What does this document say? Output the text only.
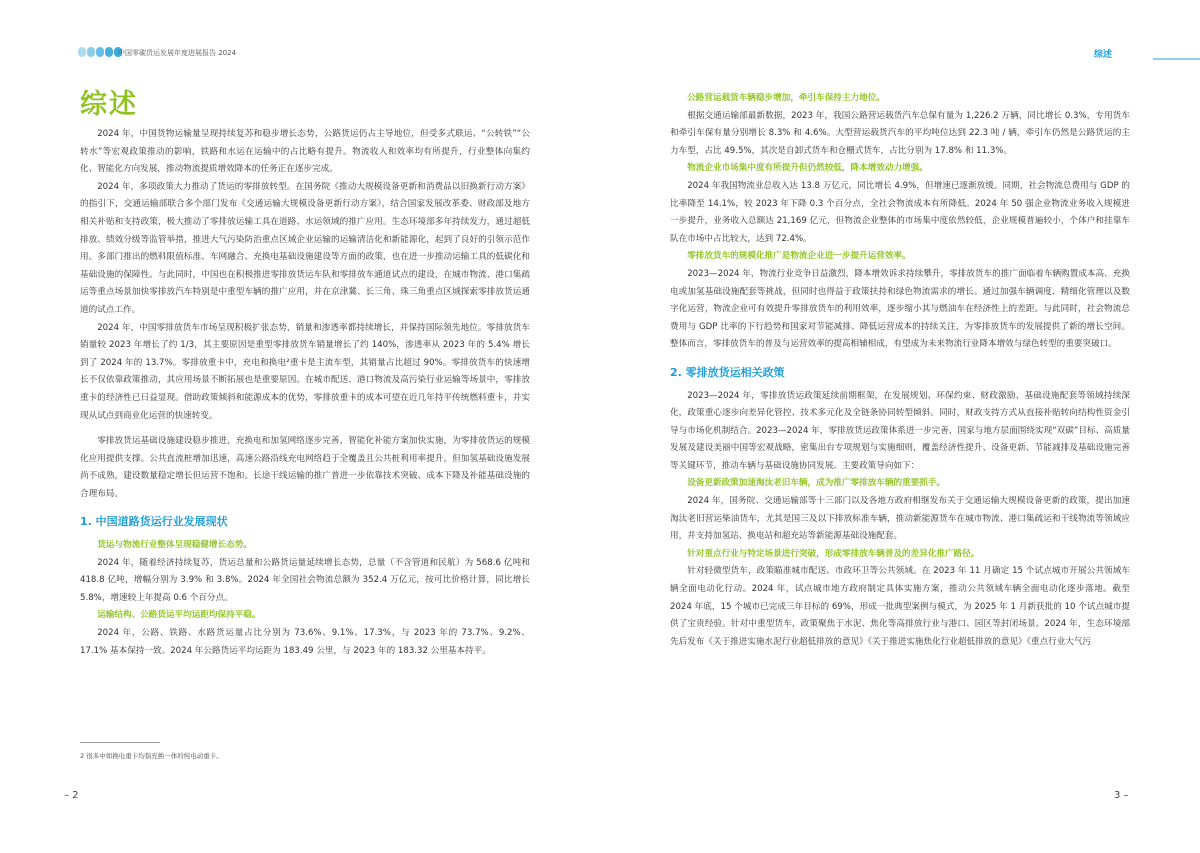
中国零碳货运发展年度进展报告 2024
综述

2024 年，中国货物运输量呈现持续复苏和稳步增长态势，公路货运仍占主导地位，但受多式联运、“公转铁”“公转水”等宏观政策推动的影响，铁路和水运在运输中的占比略有提升。物流收入和效率均有所提升，行业整体向集约化、智能化方向发展，推动物流提质增效降本的任务正在逐步完成。

2024 年，多项政策大力推动了货运的零排放转型。在国务院《推动大规模设备更新和消费品以旧换新行动方案》的指引下，交通运输部联合多个部门发布《交通运输大规模设备更新行动方案》，结合国家发展改革委、财政部及地方相关补贴和支持政策，极大推动了零排放运输工具在道路、水运领域的推广应用。生态环境部多年持续发力，通过超低排放、绩效分级等监管举措，推进大气污染防治重点区域企业运输的运输清洁化和新能源化，起到了良好的引领示范作用。多部门推出的燃料限值标准、车网融合、充换电基础设施建设等方面的政策，也在进一步推动运输工具的低碳化和基础设施的保障性。与此同时，中国也在积极推进零排放货运车队和零排放车通道试点的建设，在城市物流、港口集疏运等重点场景加快零排放汽车特别是中重型车辆的推广应用，并在京津冀、长三角、珠三角重点区域探索零排放货运通道的试点工作。

2024 年，中国零排放货车市场呈现积极扩张态势，销量和渗透率都持续增长，并保持国际领先地位。零排放货车销量较 2023 年增长了约 1/3，其主要原因是重型零排放货车销量增长了约 140%，渗透率从 2023 年的 5.4% 增长到了 2024 年的 13.7%。零排放重卡中，充电和换电²重卡是主流车型，其销量占比超过 90%。零排放货车的快速增长不仅依靠政策推动，其应用场景不断拓展也是重要原因。在城市配送、港口物流及高污染行业运输等场景中，零排放重卡的经济性已日益显现。借助政策倾斜和能源成本的优势，零排放重卡的成本可望在近几年持平传统燃料重卡，并实现从试点到商业化运营的快速转变。

零排放货运基础设施建设稳步推进，充换电和加氢网络逐步完善，智能化补能方案加快实施，为零排放货运的规模化应用提供支撑。公共直流桩增加迅速，高速公路沿线充电网络趋于全覆盖且公共桩利用率提升。但加氢基础设施发展尚不成熟，建设数量稳定增长但运营不饱和。长途干线运输的推广普进一步依靠技术突破、成本下降及补能基础设施的合理布局。

1. 中国道路货运行业发展现状

货运与物流行业整体呈现稳健增长态势。

2024 年，随着经济持续复苏，货运总量和公路货运量延续增长态势，总量（不含管道和民航）为 568.6 亿吨和 418.8 亿吨，增幅分别为 3.9% 和 3.8%。2024 年全国社会物流总额为 352.4 万亿元，按可比价格计算，同比增长 5.8%，增速较上年提高 0.6 个百分点。

运输结构、公路货运平均运距均保持平稳。

2024 年，公路、铁路、水路货运量占比分别为 73.6%、9.1%、17.3%，与 2023 年的 73.7%、9.2%、17.1% 基本保持一致。2024 年公路货运平均运距为 183.49 公里，与 2023 年的 183.32 公里基本持平。

2 很多中如换电重卡均指充换一体的纯电动重卡。
– 2
综述

公路营运载货车辆稳步增加，牵引车保持主力地位。

根据交通运输部最新数据，2023 年，我国公路营运载货汽车总保有量为 1,226.2 万辆，同比增长 0.3%，专用货车和牵引车保有量分别增长 8.3% 和 4.6%。大型营运载货汽车的平均吨位达到 22.3 吨 / 辆，牵引车仍然是公路货运的主力车型，占比 49.5%，其次是自卸式货车和仓栅式货车，占比分别为 17.8% 和 11.3%。

物流企业市场集中度有所提升但仍然较低，降本增效动力增强。

2024 年我国物流业总收入达 13.8 万亿元，同比增长 4.9%，但增速已逐渐放缓。同期，社会物流总费用与 GDP 的比率降至 14.1%，较 2023 年下降 0.3 个百分点，全社会物流成本有所降低。2024 年 50 强企业物流业务收入规模进一步提升，业务收入总额达 21,169 亿元，但物流企业整体的市场集中度依然较低，企业规模普遍较小，个体户和挂靠车队在市场中占比较大，达到 72.4%。

零排放货车的规模化推广是物流企业进一步提升运营效率。

2023—2024 年，物流行业竞争日益激烈，降本增效诉求持续攀升，零排放货车的推广面临着车辆购置成本高、充换电或加氢基础设施配套等挑战，但同时也得益于政策扶持和绿色物流需求的增长。通过加强车辆调度、精细化管理以及数字化运营，物流企业可有效提升零排放货车的利用效率，逐步缩小其与燃油车在经济性上的差距。与此同时，社会物流总费用与 GDP 比率的下行趋势和国家对节能减排、降低运营成本的持续关注，为零排放货车的发展提供了新的增长空间。整体而言，零排放货车的普及与运营效率的提高相辅相成，有望成为未来物流行业降本增效与绿色转型的重要突破口。

2. 零排放货运相关政策

2023—2024 年，零排放货运政策延续前期框架，在发展规划、环保约束、财政激励、基础设施配套等领域持续深化，政策重心逐步向差异化管控、技术多元化及全链条协同转型倾斜。同时，财政支持方式从直接补贴转向结构性资金引导与市场化机制结合。2023—2024 年，零排放货运政策体系进一步完善，国家与地方层面围绕实现“双碳”目标、高质量发展及建设美丽中国等宏观战略，密集出台专项规划与实施细则，覆盖经济性提升、设备更新、节能减排及基础设施完善等关键环节，推动车辆与基础设施协同发展。主要政策导向如下：

设备更新政策加速淘汰老旧车辆，成为推广零排放车辆的重要抓手。

2024 年，国务院、交通运输部等十三部门以及各地方政府相继发布关于交通运输大规模设备更新的政策，提出加速淘汰老旧营运柴油货车，尤其是国三及以下排放标准车辆，推动新能源货车在城市物流、港口集疏运和干线物流等领域应用，并支持加氢站、换电站和超充站等新能源基础设施配套。

针对重点行业与特定场景进行突破，形成零排放车辆普及的差异化推广路径。

针对轻微型货车，政策瞄准城市配送、市政环卫等公共领域。在 2023 年 11 月确定 15 个试点城市开展公共领域车辆全面电动化行动。2024 年，试点城市地方政府制定具体实施方案，推动公共领域车辆全面电动化逐步落地。截至 2024 年底，15 个城市已完成三年目标的 69%，形成一批典型案例与模式，为 2025 年 1 月新获批的 10 个试点城市提供了宝贵经验。针对中重型货车，政策聚焦于水泥、焦化等高排放行业与港口、园区等封闭场景。2024 年，生态环境部先后发布《关于推进实施水泥行业超低排放的意见》《关于推进实施焦化行业超低排放的意见》《重点行业大气污

3 –
